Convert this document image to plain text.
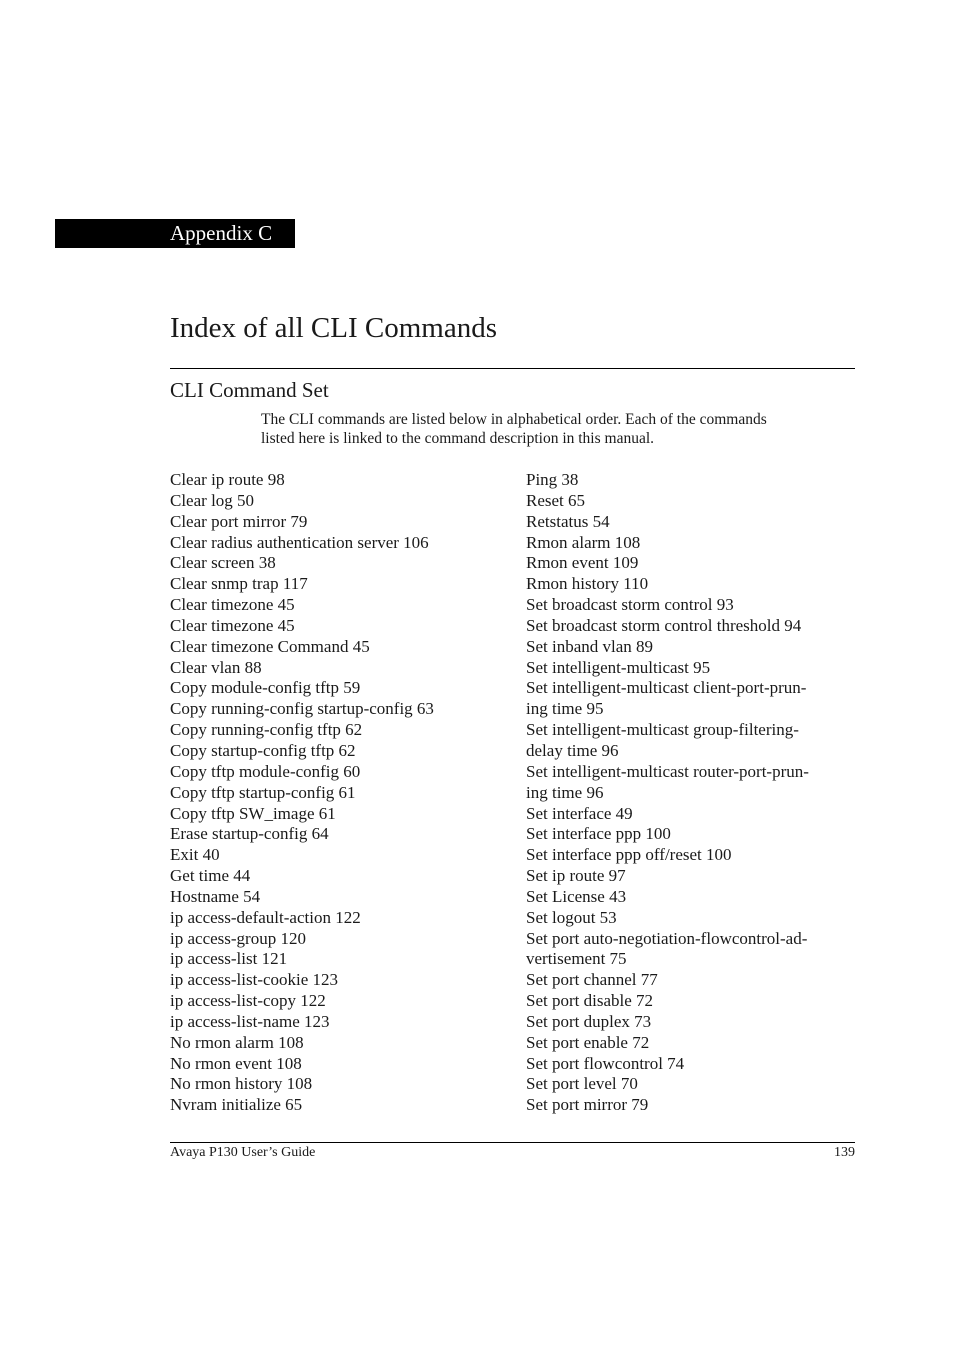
Appendix C
Index of all CLI Commands
CLI Command Set

The CLI commands are listed below in alphabetical order. Each of the commands
listed here is linked to the command description in this manual.

Clear ip route 98
Clear log 50
Clear port mirror 79
Clear radius authentication server 106
Clear screen 38
Clear snmp trap 117
Clear timezone 45
Clear timezone 45
Clear timezone Command 45
Clear vlan 88
Copy module-config tftp 59
Copy running-config startup-config 63
Copy running-config tftp 62
Copy startup-config tftp 62
Copy tftp module-config 60
Copy tftp startup-config 61
Copy tftp SW_image 61
Erase startup-config 64
Exit 40
Get time 44
Hostname 54
ip access-default-action 122
ip access-group 120
ip access-list 121
ip access-list-cookie 123
ip access-list-copy 122
ip access-list-name 123
No rmon alarm 108
No rmon event 108
No rmon history 108
Nvram initialize 65
Ping 38
Reset 65
Retstatus 54
Rmon alarm 108
Rmon event 109
Rmon history 110
Set broadcast storm control 93
Set broadcast storm control threshold 94
Set inband vlan 89
Set intelligent-multicast 95
Set intelligent-multicast client-port-prun-
ing time 95
Set intelligent-multicast group-filtering-
delay time 96
Set intelligent-multicast router-port-prun-
ing time 96
Set interface 49
Set interface ppp 100
Set interface ppp off/reset 100
Set ip route 97
Set License 43
Set logout 53
Set port auto-negotiation-flowcontrol-ad-
vertisement 75
Set port channel 77
Set port disable 72
Set port duplex 73
Set port enable 72
Set port flowcontrol 74
Set port level 70
Set port mirror 79
Avaya P130 User’s Guide	139
